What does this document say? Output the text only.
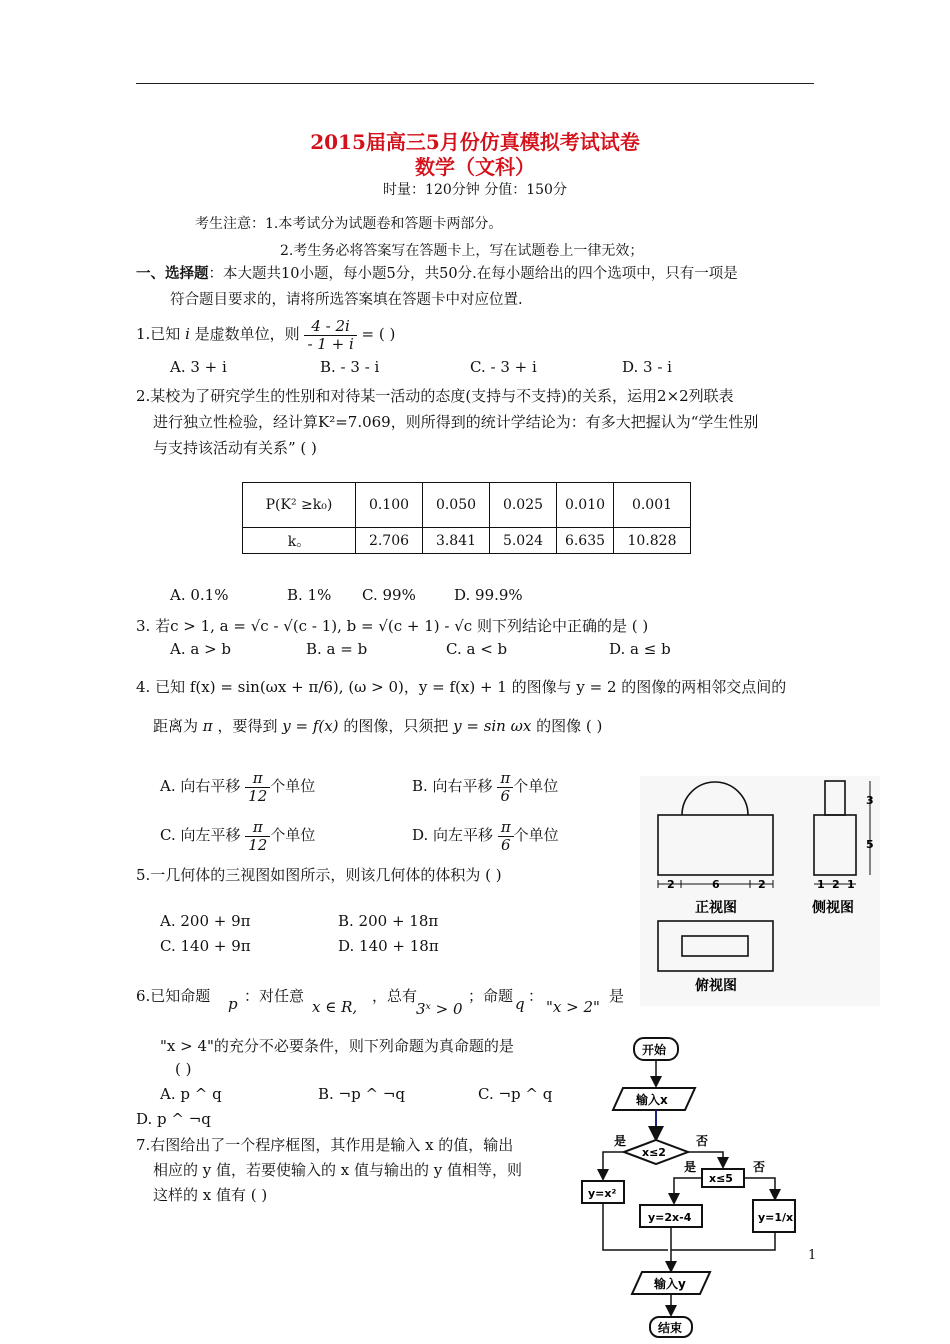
2015届高三5月份仿真模拟考试试卷
数学（文科）
时量：120分钟 分值：150分
考生注意：1.本考试分为试题卷和答题卡两部分。
2.考生务必将答案写在答题卡上，写在试题卷上一律无效；
一、选择题：本大题共10小题，每小题5分，共50分.在每小题给出的四个选项中，只有一项是
符合题目要求的，请将所选答案填在答题卡中对应位置.
1.已知 i 是虚数单位，则 $\frac{4 - 2i}{- 1 + i}$ = ( )
A. 3 + i	B. - 3 - i	C. - 3 + i	D. 3 - i
2.某校为了研究学生的性别和对待某一活动的态度(支持与不支持)的关系，运用2×2列联表
进行独立性检验，经计算K²=7.069，则所得到的统计学结论为：有多大把握认为“学生性别
与支持该活动有关系” ( )
P(K² ≥k₀)	0.100	0.050	0.025	0.010	0.001
k。	2.706	3.841	5.024	6.635	10.828
A. 0.1%	B. 1% C. 99%	D. 99.9%
3. 若c > 1, a = √c - √(c - 1), b = √(c + 1) - √c 则下列结论中正确的是 ( )
A. a > b	B. a = b	C. a < b	D. a ≤ b
4. 已知 f(x) = sin(ωx + π/6), (ω > 0)，y = f(x) + 1 的图像与 y = 2 的图像的两相邻交点间的
距离为 π ，要得到 y = f(x) 的图像，只须把 y = sin ωx 的图像 ( )
A. 向右平移 $\frac{\pi}{12}$ 个单位	B. 向右平移 $\frac{\pi}{6}$ 个单位
C. 向左平移 $\frac{\pi}{12}$ 个单位	D. 向左平移 $\frac{\pi}{6}$ 个单位
5.一几何体的三视图如图所示，则该几何体的体积为 ( )
A. 200 + 9π	B. 200 + 18π
C. 140 + 9π	D. 140 + 18π
2	6	2	1 2 1
3
5
正视图	侧视图
俯视图
6.已知命题 p ：对任意
x ∈ R,
，总有
3ˣ > 0
；命题 q ：
"x > 2"
是
"x > 4"的充分不必要条件，则下列命题为真命题的是
( )
A. p ^ q	B. ¬p ^ ¬q	C. ¬p ^ q
D. p ^ ¬q
7.右图给出了一个程序框图，其作用是输入 x 的值，输出
相应的 y 值，若要使输入的 x 值与输出的 y 值相等，则
这样的 x 值有 ( )
开始
输入x
x≤2
x≤5
是	否
是	否
y=x²
y=2x-4	y=1/x
输入y
结束
1
